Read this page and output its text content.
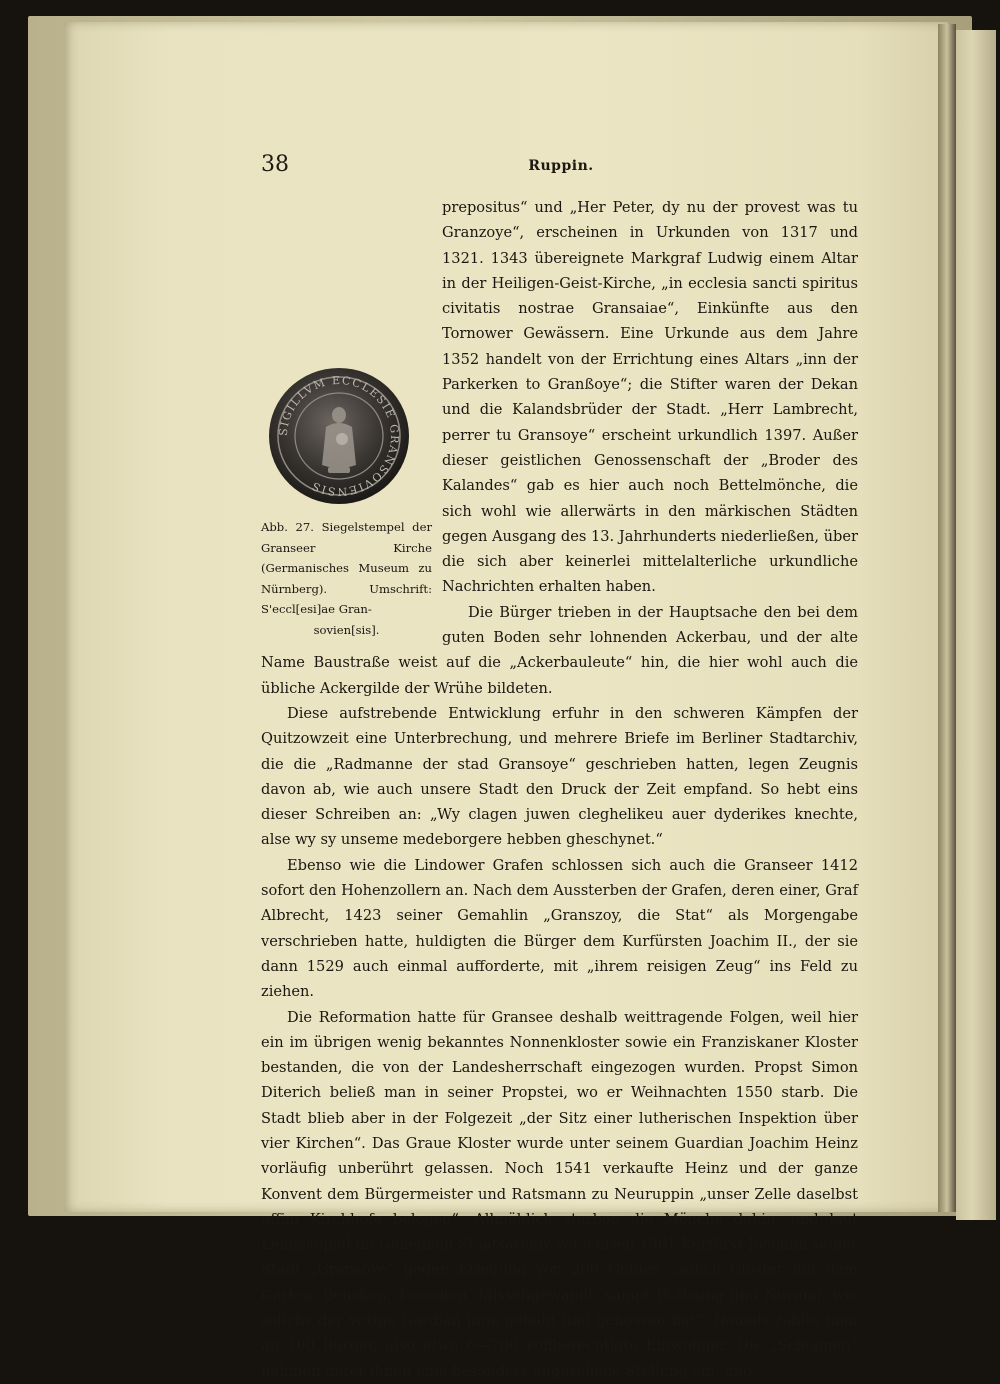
38	Ruppin.
SIGILLVM ECCLESIE GRANSOVIENSIS
Abb. 27. Siegelstempel der Granseer Kirche (Germanisches Museum zu Nürnberg). Umschrift: S'eccl[esi]ae Gran-
sovien[sis].

prepositus“ und „Her Peter, dy nu der provest was tu Granzoye“, erscheinen in Urkunden von 1317 und 1321. 1343 übereignete Markgraf Ludwig einem Altar in der Heiligen-Geist-Kirche, „in ecclesia sancti spiritus civitatis nostrae Gransaiae“, Einkünfte aus den Tornower Gewässern. Eine Urkunde aus dem Jahre 1352 handelt von der Errichtung eines Altars „inn der Parkerken to Granßoye“; die Stifter waren der Dekan und die Kalandsbrüder der Stadt. „Herr Lambrecht, perrer tu Gransoye“ erscheint urkundlich 1397. Außer dieser geistlichen Genossenschaft der „Broder des Kalandes“ gab es hier auch noch Bettelmönche, die sich wohl wie allerwärts in den märkischen Städten gegen Ausgang des 13. Jahrhunderts niederließen, über die sich aber keinerlei mittelalterliche urkundliche Nachrichten erhalten haben.

Die Bürger trieben in der Hauptsache den bei dem guten Boden sehr lohnenden Ackerbau, und der alte Name Baustraße weist auf die „Ackerbauleute“ hin, die hier wohl auch die übliche Ackergilde der Wrühe bildeten.

Diese aufstrebende Entwicklung erfuhr in den schweren Kämpfen der Quitzowzeit eine Unterbrechung, und mehrere Briefe im Berliner Stadtarchiv, die die „Radmanne der stad Gransoye“ geschrieben hatten, legen Zeugnis davon ab, wie auch unsere Stadt den Druck der Zeit empfand. So hebt eins dieser Schreiben an: „Wy clagen juwen cleghelikeu auer dyderikes knechte, alse wy sy unseme medeborgere hebben gheschynet.“

Ebenso wie die Lindower Grafen schlossen sich auch die Granseer 1412 sofort den Hohenzollern an. Nach dem Aussterben der Grafen, deren einer, Graf Albrecht, 1423 seiner Gemahlin „Granszoy, die Stat“ als Morgengabe verschrieben hatte, huldigten die Bürger dem Kurfürsten Joachim II., der sie dann 1529 auch einmal aufforderte, mit „ihrem reisigen Zeug“ ins Feld zu ziehen.

Die Reformation hatte für Gransee deshalb weittragende Folgen, weil hier ein im übrigen wenig bekanntes Nonnenkloster sowie ein Franziskaner Kloster bestanden, die von der Landesherrschaft eingezogen wurden. Propst Simon Diterich beließ man in seiner Propstei, wo er Weihnachten 1550 starb. Die Stadt blieb aber in der Folgezeit „der Sitz einer lutherischen Inspektion über vier Kirchen“. Das Graue Kloster wurde unter seinem Guardian Joachim Heinz vorläufig unberührt gelassen. Noch 1541 verkaufte Heinz und der ganze Konvent dem Bürgermeister und Ratsmann zu Neuruppin „unser Zelle daselbst uffim Kirchhofe belegen“. Allmählich starben die Mönche dahin, und laut Lehnskopial im Geheimen Staatsarchiv verschrieb 1561 Kurfürst Joachim seiner Stadt „Gransoye“ gegen Erlegung von 200 Gulden „solich Closter mit dem Garten, Bencken, Tusschen, Missehgewandt, sampt Holtzung und Nurung, wie solichs der vorige Gardian inne gehabt und genossen hat“. Damals zählte man an 100 Bürger, also etwa 6—700 vollberechtigte Einwohner. Die „Schöppen“ nahmen unter ihnen eine besonders angesehene Stellung ein, und
